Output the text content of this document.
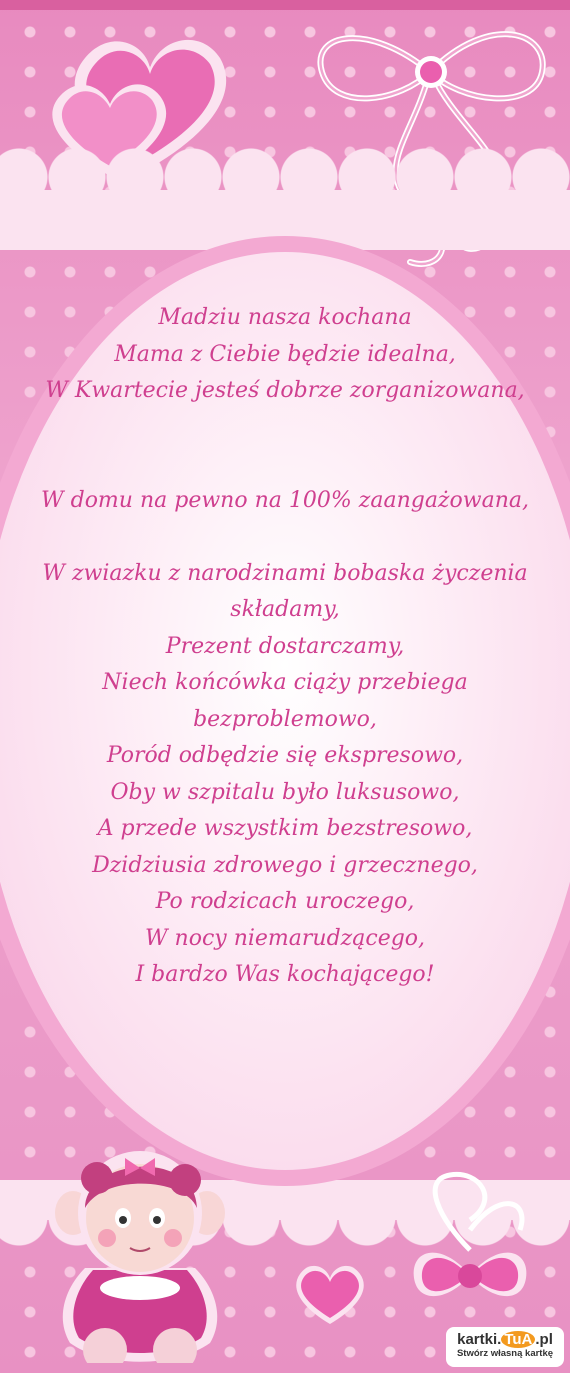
Madziu nasza kochana

Mama z Ciebie będzie idealna,

W Kwartecie jesteś dobrze zorganizowana,

W domu na pewno na 100% zaangażowana,

W zwiazku z narodzinami bobaska życzenia

składamy,

Prezent dostarczamy,

Niech końcówka ciąży przebiega

bezproblemowo,

Poród odbędzie się ekspresowo,

Oby w szpitalu było luksusowo,

A przede wszystkim bezstresowo,

Dzidziusia zdrowego i grzecznego,

Po rodzicach uroczego,

W nocy niemarudzącego,

I bardzo Was kochającego!

kartki. TuA .pl
Stwórz własną kartkę
